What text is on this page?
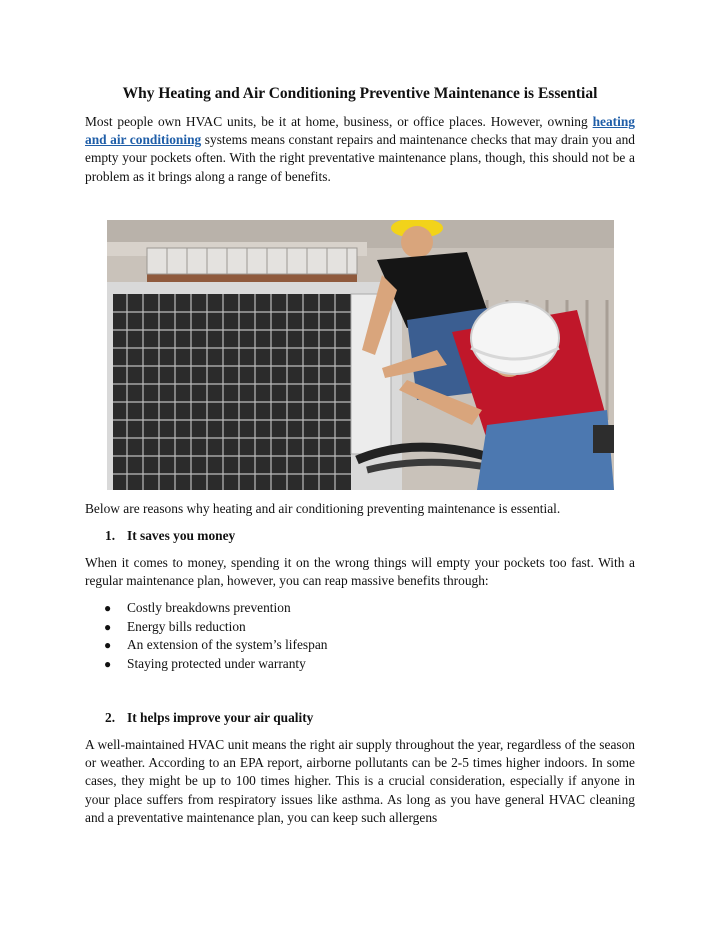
Why Heating and Air Conditioning Preventive Maintenance is Essential
Most people own HVAC units, be it at home, business, or office places. However, owning heating and air conditioning systems means constant repairs and maintenance checks that may drain you and empty your pockets often. With the right preventative maintenance plans, though, this should not be a problem as it brings along a range of benefits.
Below are reasons why heating and air conditioning preventing maintenance is essential.
1. It saves you money
When it comes to money, spending it on the wrong things will empty your pockets too fast. With a regular maintenance plan, however, you can reap massive benefits through:
● Costly breakdowns prevention
● Energy bills reduction
● An extension of the system’s lifespan
● Staying protected under warranty
2. It helps improve your air quality
A well-maintained HVAC unit means the right air supply throughout the year, regardless of the season or weather. According to an EPA report, airborne pollutants can be 2-5 times higher indoors. In some cases, they might be up to 100 times higher. This is a crucial consideration, especially if anyone in your place suffers from respiratory issues like asthma. As long as you have general HVAC cleaning and a preventative maintenance plan, you can keep such allergens
